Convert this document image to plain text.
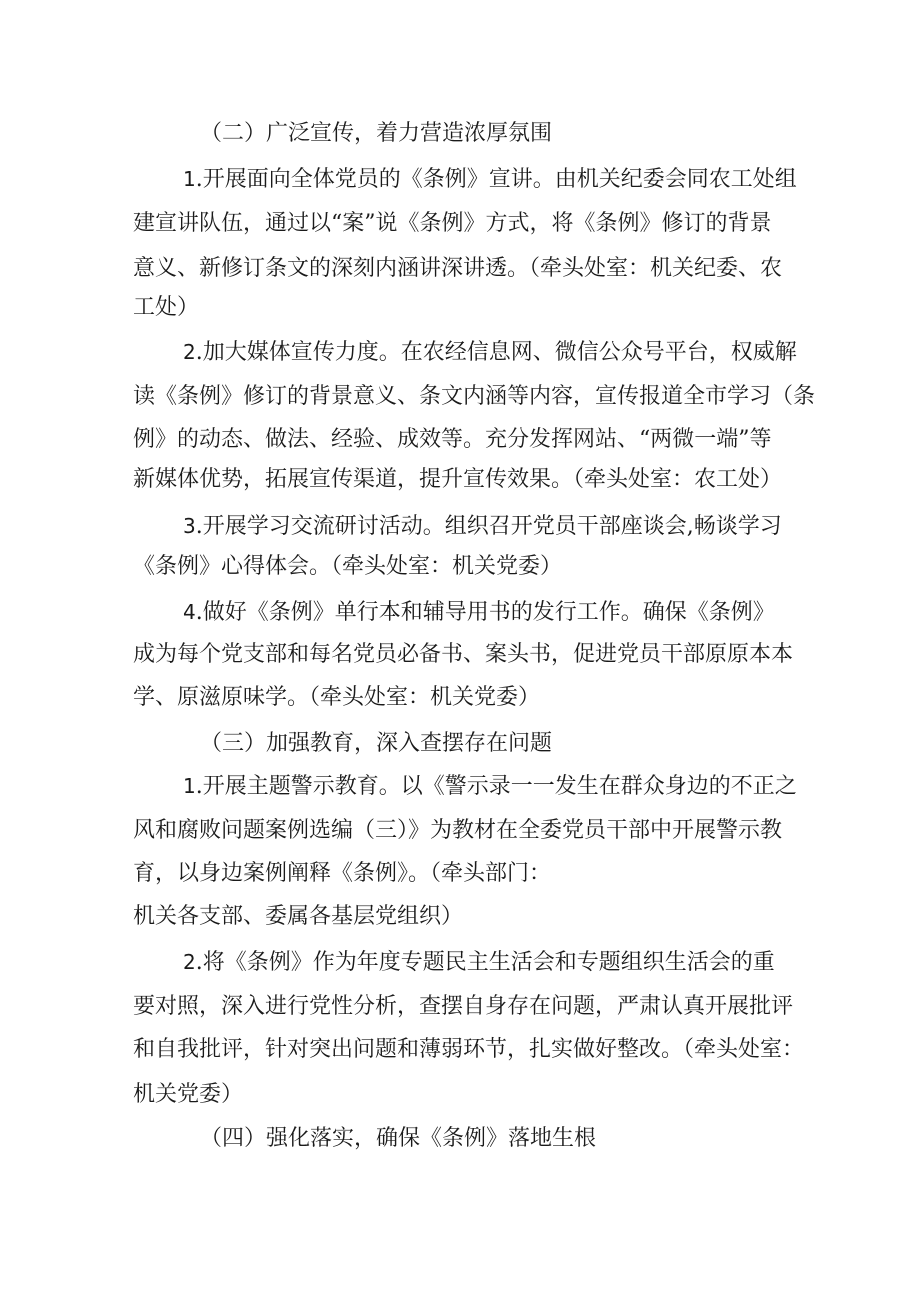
（二）广泛宣传，着力营造浓厚氛围
1.开展面向全体党员的《条例》宣讲。由机关纪委会同农工处组
建宣讲队伍，通过以“案”说《条例》方式，将《条例》修订的背景
意义、新修订条文的深刻内涵讲深讲透。（牵头处室：机关纪委、农
工处）
2.加大媒体宣传力度。在农经信息网、微信公众号平台，权威解
读《条例》修订的背景意义、条文内涵等内容，宣传报道全市学习（条
例》的动态、做法、经验、成效等。充分发挥网站、“两微一端”等
新媒体优势，拓展宣传渠道，提升宣传效果。（牵头处室：农工处）
3.开展学习交流研讨活动。组织召开党员干部座谈会,畅谈学习
《条例》心得体会。（牵头处室：机关党委）
4.做好《条例》单行本和辅导用书的发行工作。确保《条例》
成为每个党支部和每名党员必备书、案头书，促进党员干部原原本本
学、原滋原味学。（牵头处室：机关党委）
（三）加强教育，深入查摆存在问题
1.开展主题警示教育。以《警示录一一发生在群众身边的不正之
风和腐败问题案例选编（三）》为教材在全委党员干部中开展警示教
育，以身边案例阐释《条例》。（牵头部门：
机关各支部、委属各基层党组织）
2.将《条例》作为年度专题民主生活会和专题组织生活会的重
要对照，深入进行党性分析，查摆自身存在问题，严肃认真开展批评
和自我批评，针对突出问题和薄弱环节，扎实做好整改。（牵头处室：
机关党委）
（四）强化落实，确保《条例》落地生根
